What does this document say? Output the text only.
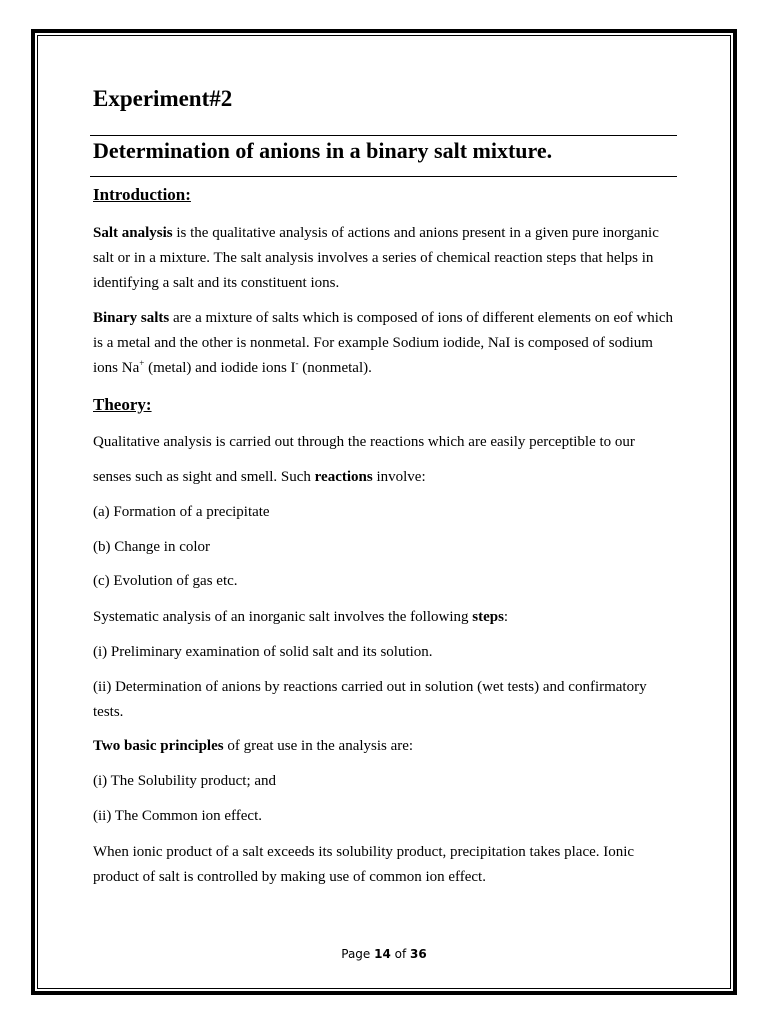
Experiment#2
Determination of anions in a binary salt mixture.
Introduction:

Salt analysis is the qualitative analysis of actions and anions present in a given pure inorganic salt or in a mixture. The salt analysis involves a series of chemical reaction steps that helps in identifying a salt and its constituent ions.

Binary salts are a mixture of salts which is composed of ions of different elements on eof which is a metal and the other is nonmetal. For example Sodium iodide, NaI is composed of sodium ions Na+ (metal) and iodide ions I- (nonmetal).

Theory:
Qualitative analysis is carried out through the reactions which are easily perceptible to our
senses such as sight and smell. Such reactions involve:
(a) Formation of a precipitate
(b) Change in color
(c) Evolution of gas etc.
Systematic analysis of an inorganic salt involves the following steps:
(i) Preliminary examination of solid salt and its solution.

(ii) Determination of anions by reactions carried out in solution (wet tests) and confirmatory tests.

Two basic principles of great use in the analysis are:
(i) The Solubility product; and
(ii) The Common ion effect.

When ionic product of a salt exceeds its solubility product, precipitation takes place. Ionic product of salt is controlled by making use of common ion effect.

Page 14 of 36
